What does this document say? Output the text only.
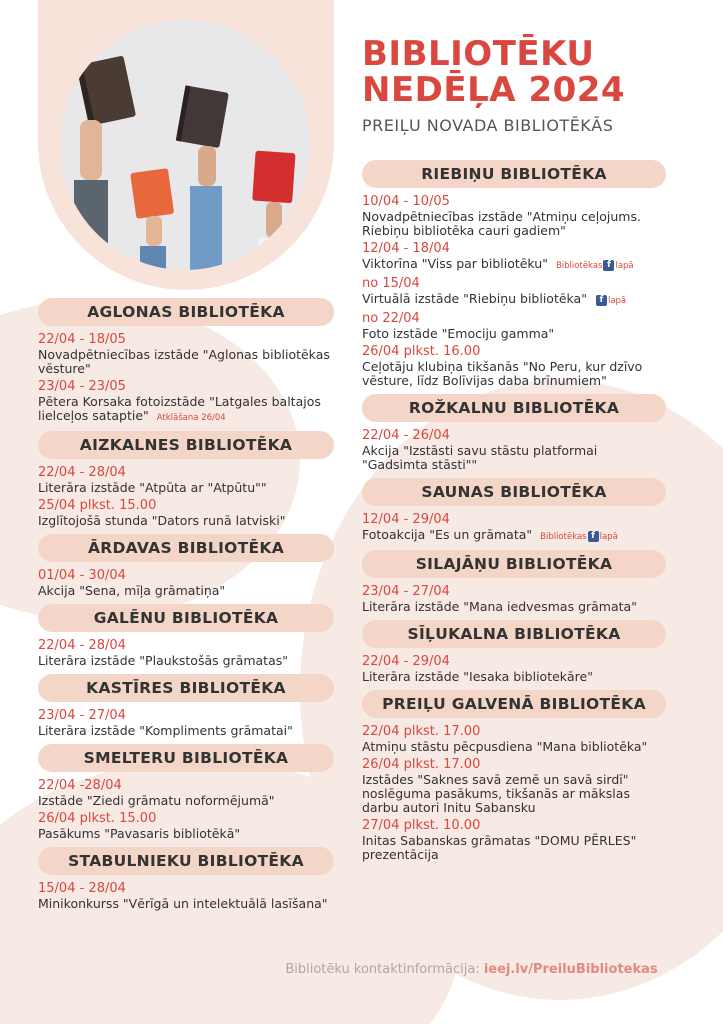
BIBLIOTĒKU
NEDĒĻA 2024
PREIĻU NOVADA BIBLIOTĒKĀS
AGLONAS BIBLIOTĒKA
22/04 - 18/05
Novadpētniecības izstāde "Aglonas bibliotēkas vēsture"
23/04 - 23/05
Pētera Korsaka fotoizstāde "Latgales baltajos lielceļos sataptie" Atklāšana 26/04
AIZKALNES BIBLIOTĒKA
22/04 - 28/04
Literāra izstāde "Atpūta ar "Atpūtu""
25/04 plkst. 15.00
Izglītojošā stunda "Dators runā latviski"
ĀRDAVAS BIBLIOTĒKA
01/04 - 30/04
Akcija "Sena, mīļa grāmatiņa"
GALĒNU BIBLIOTĒKA
22/04 - 28/04
Literāra izstāde "Plaukstošās grāmatas"
KASTĪRES BIBLIOTĒKA
23/04 - 27/04
Literāra izstāde "Kompliments grāmatai"
SMELTERU BIBLIOTĒKA
22/04 -28/04
Izstāde "Ziedi grāmatu noformējumā"
26/04 plkst. 15.00
Pasākums "Pavasaris bibliotēkā"
STABULNIEKU BIBLIOTĒKA
15/04 - 28/04
Minikonkurss "Vērīgā un intelektuālā lasīšana"
RIEBIŅU BIBLIOTĒKA
10/04 - 10/05
Novadpētniecības izstāde "Atmiņu ceļojums. Riebiņu bibliotēka cauri gadiem"
12/04 - 18/04
Viktorīna "Viss par bibliotēku" Bibliotēkas f lapā
no 15/04
Virtuālā izstāde "Riebiņu bibliotēka" f lapā
no 22/04
Foto izstāde "Emociju gamma"
26/04 plkst. 16.00
Ceļotāju klubiņa tikšanās "No Peru, kur dzīvo vēsture, līdz Bolīvijas daba brīnumiem"
ROŽKALNU BIBLIOTĒKA
22/04 - 26/04
Akcija "Izstāsti savu stāstu platformai "Gadsimta stāsti""
SAUNAS BIBLIOTĒKA
12/04 - 29/04
Fotoakcija "Es un grāmata" Bibliotēkas f lapā
SILAJĀŅU BIBLIOTĒKA
23/04 - 27/04
Literāra izstāde "Mana iedvesmas grāmata"
SĪĻUKALNA BIBLIOTĒKA
22/04 - 29/04
Literāra izstāde "Iesaka bibliotekāre"
PREIĻU GALVENĀ BIBLIOTĒKA
22/04 plkst. 17.00
Atmiņu stāstu pēcpusdiena "Mana bibliotēka"
26/04 plkst. 17.00
Izstādes "Saknes savā zemē un savā sirdī" noslēguma pasākums, tikšanās ar mākslas darbu autori Initu Sabansku
27/04 plkst. 10.00
Initas Sabanskas grāmatas "DOMU PĒRLES" prezentācija
Bibliotēku kontaktinformācija: ieej.lv/PreiluBibliotekas
